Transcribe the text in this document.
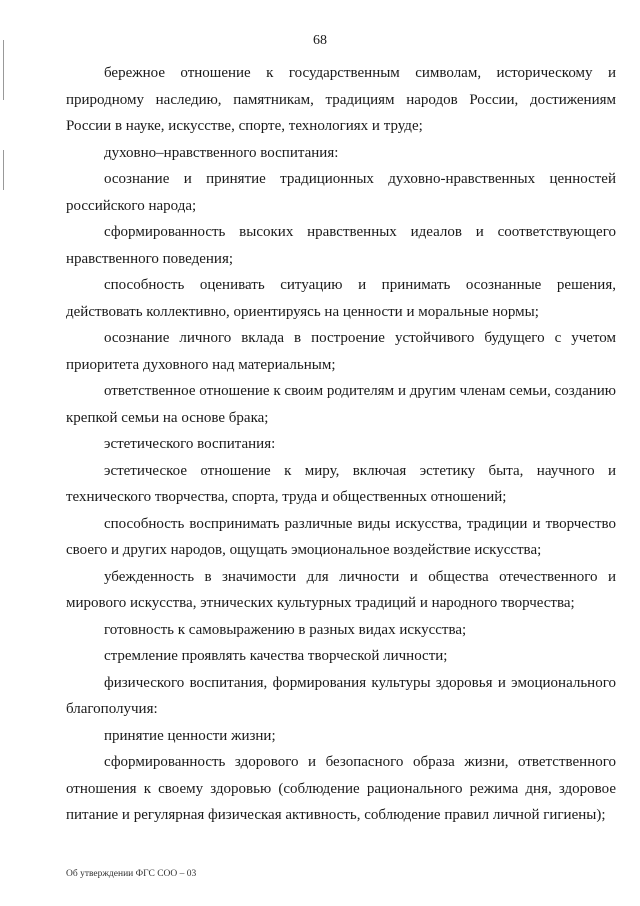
68

бережное отношение к государственным символам, историческому и природному наследию, памятникам, традициям народов России, достижениям России в науке, искусстве, спорте, технологиях и труде;

духовно–нравственного воспитания:

осознание и принятие традиционных духовно-нравственных ценностей российского народа;

сформированность высоких нравственных идеалов и соответствующего нравственного поведения;

способность оценивать ситуацию и принимать осознанные решения, действовать коллективно, ориентируясь на ценности и моральные нормы;

осознание личного вклада в построение устойчивого будущего с учетом приоритета духовного над материальным;

ответственное отношение к своим родителям и другим членам семьи, созданию крепкой семьи на основе брака;

эстетического воспитания:

эстетическое отношение к миру, включая эстетику быта, научного и технического творчества, спорта, труда и общественных отношений;

способность воспринимать различные виды искусства, традиции и творчество своего и других народов, ощущать эмоциональное воздействие искусства;

убежденность в значимости для личности и общества отечественного и мирового искусства, этнических культурных традиций и народного творчества;

готовность к самовыражению в разных видах искусства;

стремление проявлять качества творческой личности;

физического воспитания, формирования культуры здоровья и эмоционального благополучия:

принятие ценности жизни;

сформированность здорового и безопасного образа жизни, ответственного отношения к своему здоровью (соблюдение рационального режима дня, здоровое питание и регулярная физическая активность, соблюдение правил личной гигиены);

Об утверждении ФГС СОО – 03
